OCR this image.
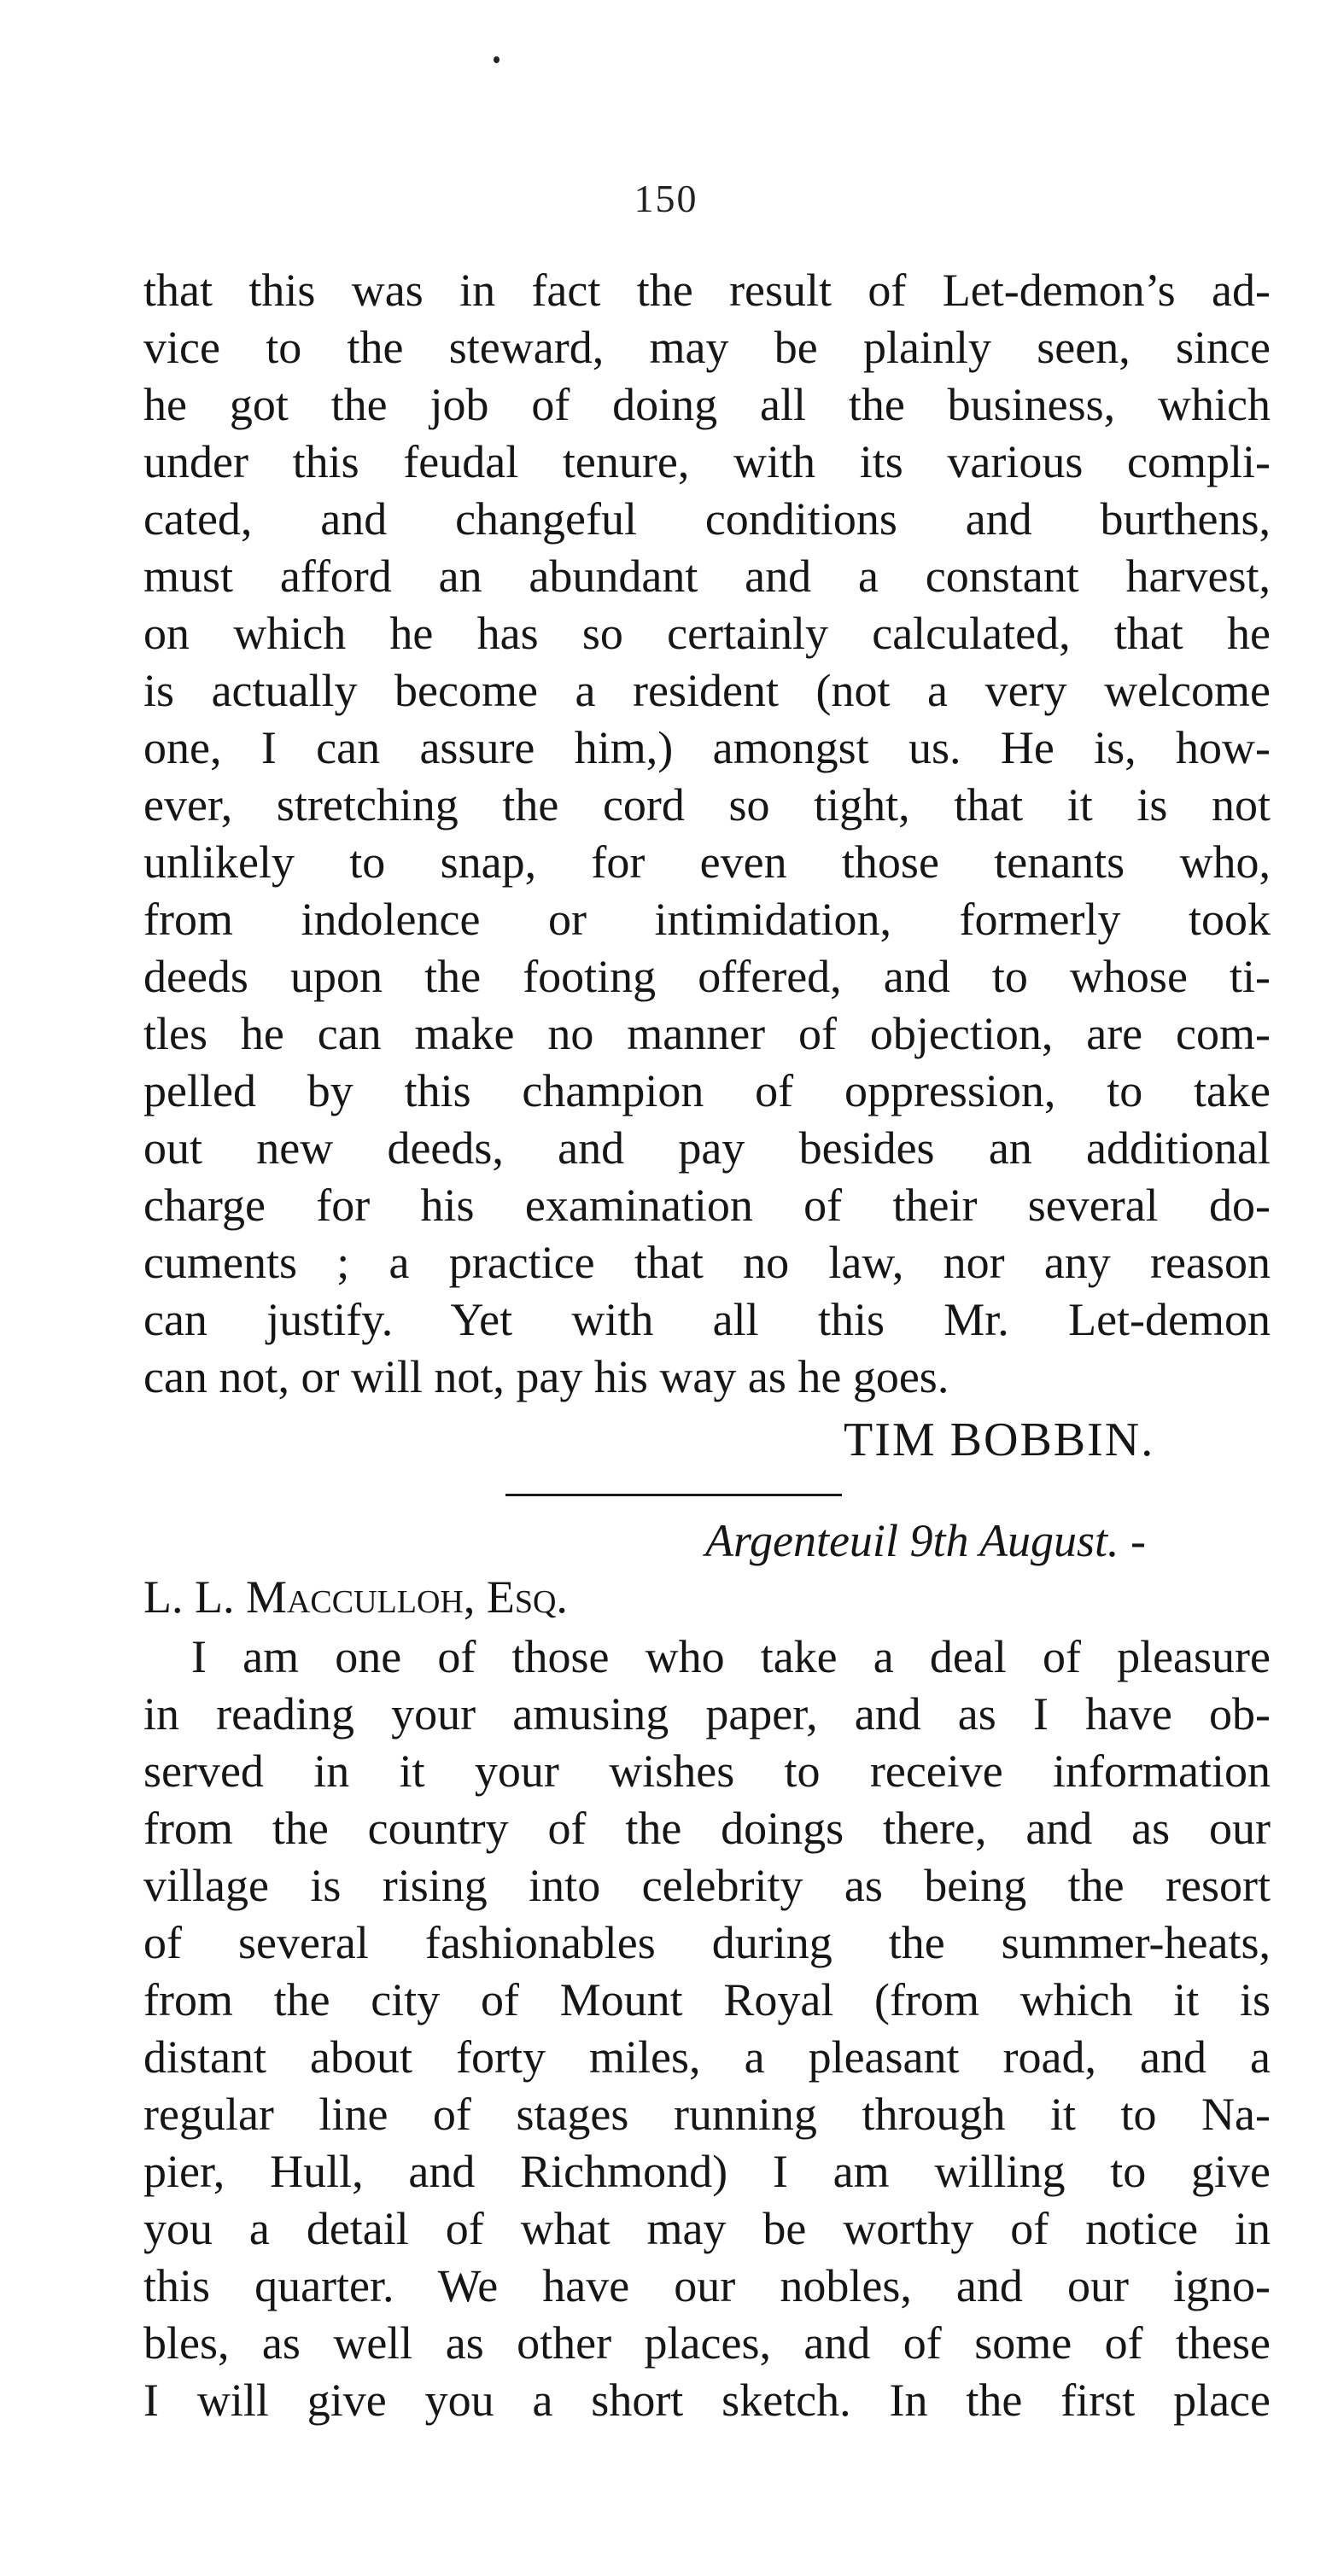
150
that this was in fact the result of Let-demon’s ad-
vice to the steward, may be plainly seen, since
he got the job of doing all the business, which
under this feudal tenure, with its various compli-
cated, and changeful conditions and burthens,
must afford an abundant and a constant harvest,
on which he has so certainly calculated, that he
is actually become a resident (not a very welcome
one, I can assure him,) amongst us. He is, how-
ever, stretching the cord so tight, that it is not
unlikely to snap, for even those tenants who,
from indolence or intimidation, formerly took
deeds upon the footing offered, and to whose ti-
tles he can make no manner of objection, are com-
pelled by this champion of oppression, to take
out new deeds, and pay besides an additional
charge for his examination of their several do-
cuments ; a practice that no law, nor any reason
can justify. Yet with all this Mr. Let-demon
can not, or will not, pay his way as he goes.
TIM BOBBIN.
Argenteuil 9th August. -
L. L. Macculloh, Esq.
I am one of those who take a deal of pleasure
in reading your amusing paper, and as I have ob-
served in it your wishes to receive information
from the country of the doings there, and as our
village is rising into celebrity as being the resort
of several fashionables during the summer-heats,
from the city of Mount Royal (from which it is
distant about forty miles, a pleasant road, and a
regular line of stages running through it to Na-
pier, Hull, and Richmond) I am willing to give
you a detail of what may be worthy of notice in
this quarter. We have our nobles, and our igno-
bles, as well as other places, and of some of these
I will give you a short sketch. In the first place
